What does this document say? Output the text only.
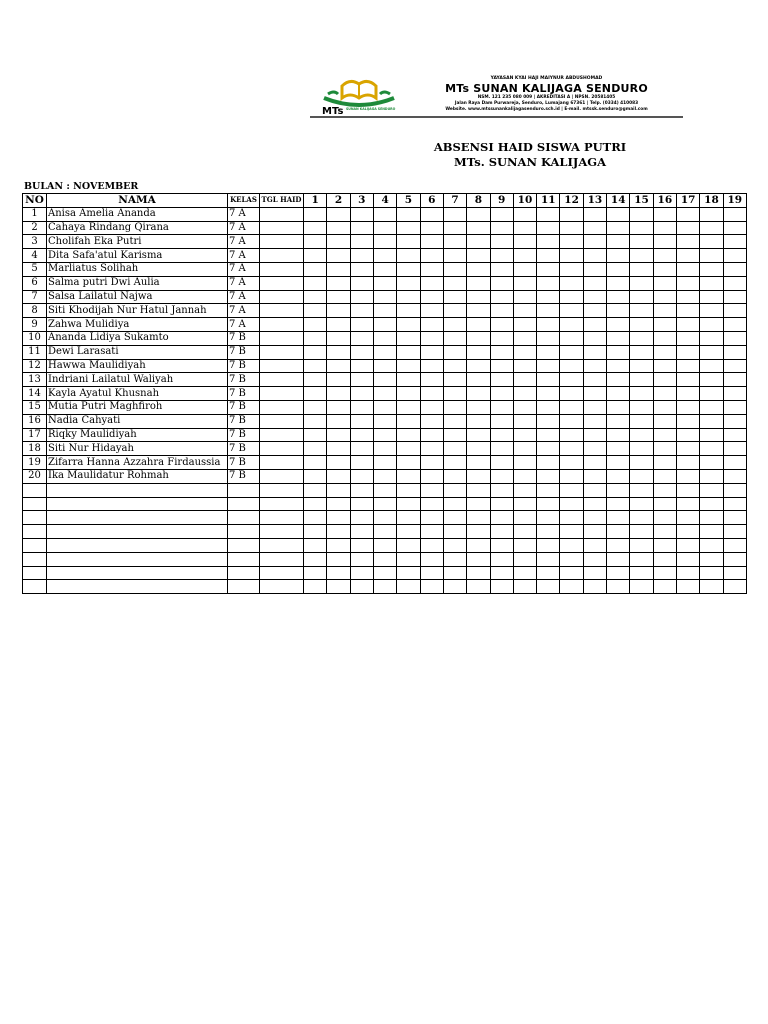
MTs SUNAN KALIJAGA SENDURO
YAYASAN KYAI HAJI MAIYNUR ABDUSHOMAD
MTs SUNAN KALIJAGA SENDURO
NSM. 121 235 080 009 | AKREDITASI A | NPSN. 20581405
Jalan Raya Dam Purwareja, Senduro, Lumajang 67361 | Telp. (0334) 410083
Website. www.mtssunankalijagasenduro.sch.id | E-mail. mtssk.senduro@gmail.com
ABSENSI HAID SISWA PUTRI
MTs. SUNAN KALIJAGA
BULAN : NOVEMBER
NO	NAMA	KELAS	TGL HAID	1	2	3	4	5	6	7	8	9	10	11	12	13	14	15	16	17	18	19
1	Anisa Amelia Ananda	7 A																				
2	Cahaya Rindang Qirana	7 A																				
3	Cholifah Eka Putri	7 A																				
4	Dita Safa'atul Karisma	7 A																				
5	Marliatus Solihah	7 A																				
6	Salma putri Dwi Aulia	7 A																				
7	Salsa Lailatul Najwa	7 A																				
8	Siti Khodijah Nur Hatul Jannah	7 A																				
9	Zahwa Mulidiya	7 A																				
10	Ananda Lidiya Sukamto	7 B																				
11	Dewi Larasati	7 B																				
12	Hawwa Maulidiyah	7 B																				
13	Indriani Lailatul Waliyah	7 B																				
14	Kayla Ayatul Khusnah	7 B																				
15	Mutia Putri Maghfiroh	7 B																				
16	Nadia Cahyati	7 B																				
17	Riqky Maulidiyah	7 B																				
18	Siti Nur Hidayah	7 B																				
19	Zifarra Hanna Azzahra Firdaussia	7 B																				
20	Ika Maulidatur Rohmah	7 B																				
